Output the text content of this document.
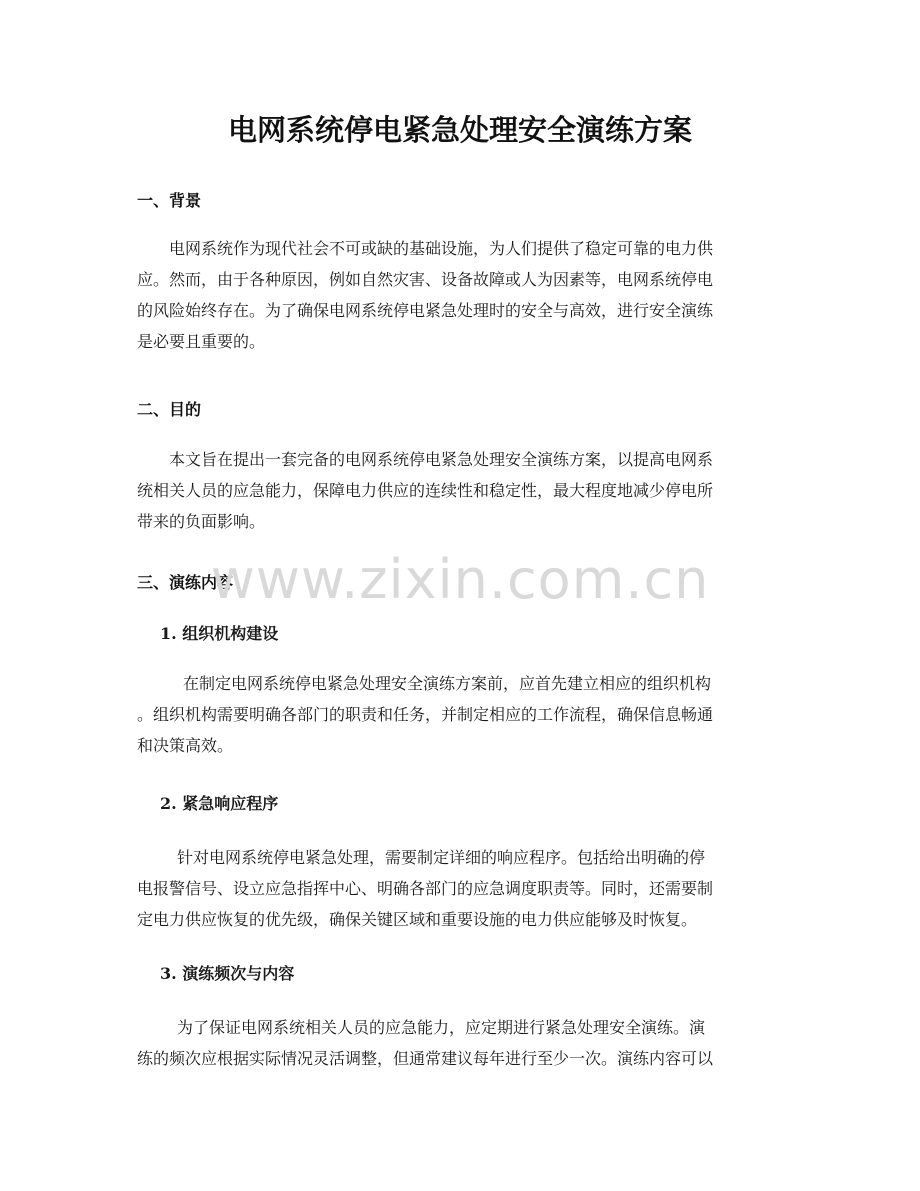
电网系统停电紧急处理安全演练方案
一、背景

电网系统作为现代社会不可或缺的基础设施，为人们提供了稳定可靠的电力供
应。然而，由于各种原因，例如自然灾害、设备故障或人为因素等，电网系统停电
的风险始终存在。为了确保电网系统停电紧急处理时的安全与高效，进行安全演练
是必要且重要的。

二、目的

本文旨在提出一套完备的电网系统停电紧急处理安全演练方案，以提高电网系
统相关人员的应急能力，保障电力供应的连续性和稳定性，最大程度地减少停电所
带来的负面影响。

三、演练内容
1. 组织机构建设

在制定电网系统停电紧急处理安全演练方案前，应首先建立相应的组织机构
。组织机构需要明确各部门的职责和任务，并制定相应的工作流程，确保信息畅通
和决策高效。

2. 紧急响应程序

针对电网系统停电紧急处理，需要制定详细的响应程序。包括给出明确的停
电报警信号、设立应急指挥中心、明确各部门的应急调度职责等。同时，还需要制
定电力供应恢复的优先级，确保关键区域和重要设施的电力供应能够及时恢复。

3. 演练频次与内容

为了保证电网系统相关人员的应急能力，应定期进行紧急处理安全演练。演
练的频次应根据实际情况灵活调整，但通常建议每年进行至少一次。演练内容可以

www.zixin.com.cn
